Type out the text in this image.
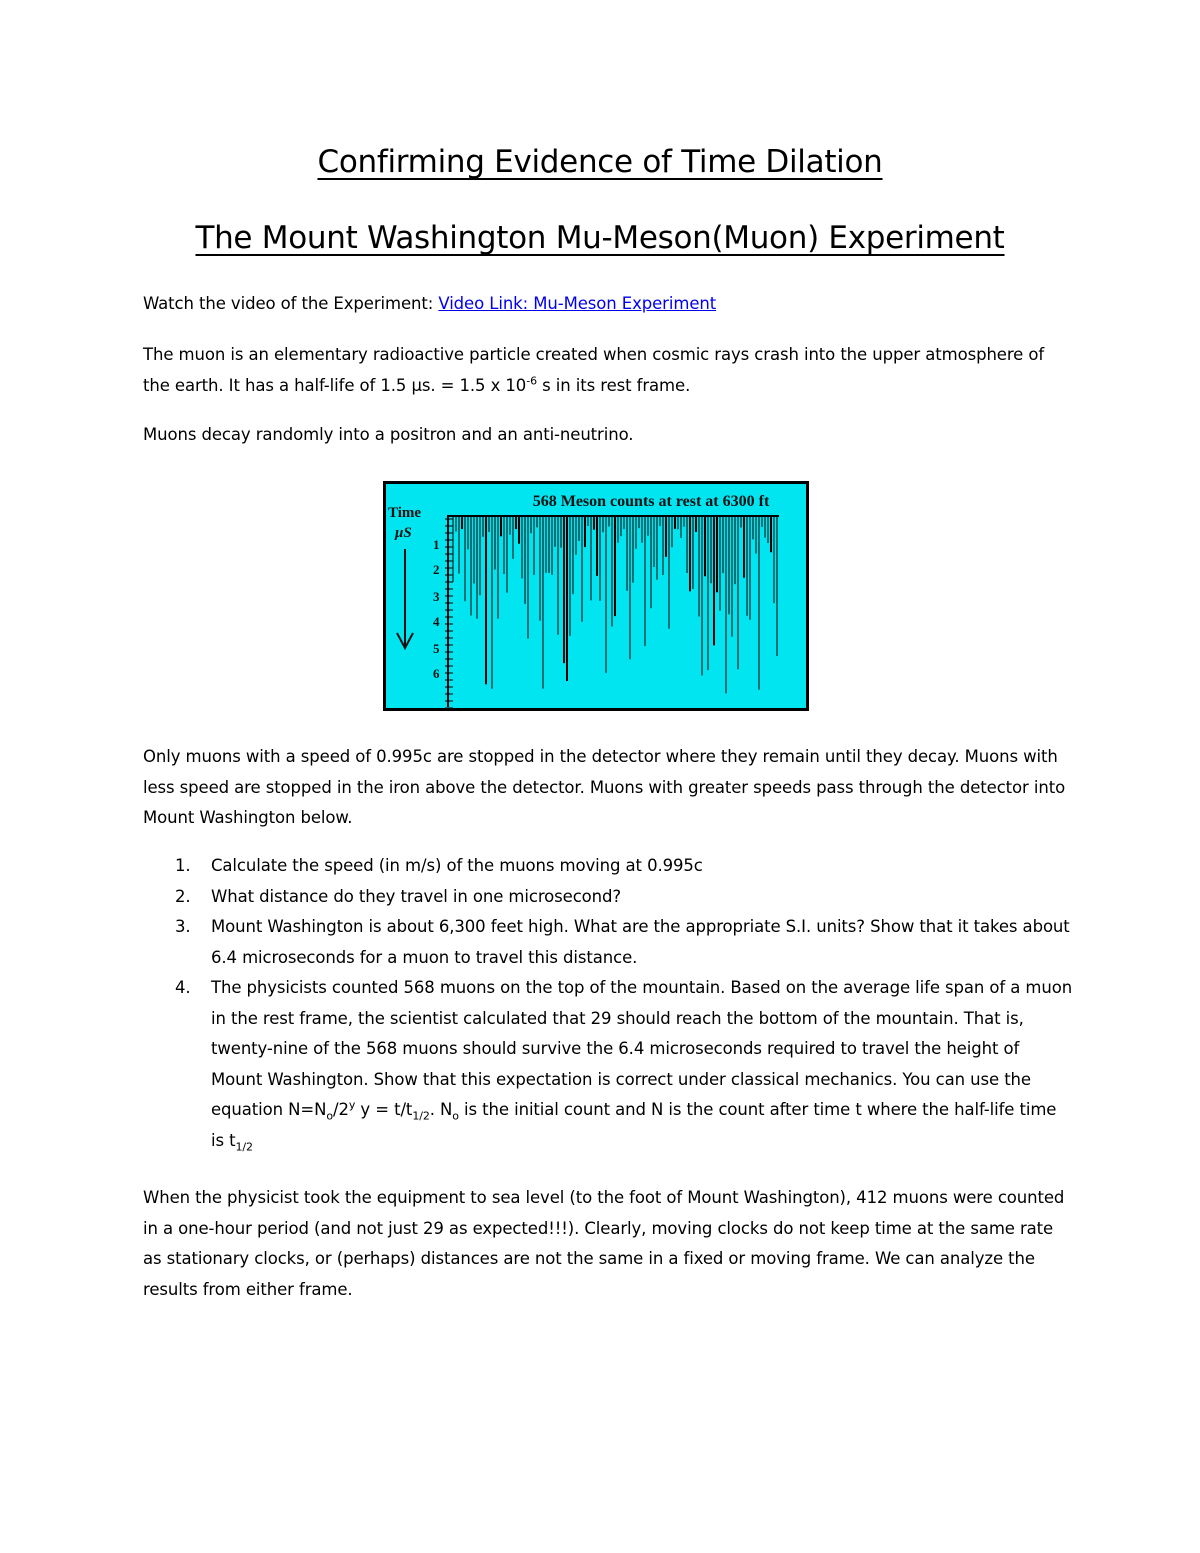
Confirming Evidence of Time Dilation
The Mount Washington Mu-Meson(Muon) Experiment
Watch the video of the Experiment: Video Link: Mu-Meson Experiment
The muon is an elementary radioactive particle created when cosmic rays crash into the upper atmosphere of the earth. It has a half-life of 1.5 μs. = 1.5 x $10^{-6}$ s in its rest frame.
Muons decay randomly into a positron and an anti-neutrino.
568 Meson counts at rest at 6300 ft
Time
μS
1
2
3
4
5
6
Only muons with a speed of 0.995c are stopped in the detector where they remain until they decay. Muons with less speed are stopped in the iron above the detector. Muons with greater speeds pass through the detector into Mount Washington below.
1. Calculate the speed (in m/s) of the muons moving at 0.995c
2. What distance do they travel in one microsecond?
3. Mount Washington is about 6,300 feet high. What are the appropriate S.I. units? Show that it takes about 6.4 microseconds for a muon to travel this distance.
4. The physicists counted 568 muons on the top of the mountain. Based on the average life span of a muon in the rest frame, the scientist calculated that 29 should reach the bottom of the mountain. That is, twenty-nine of the 568 muons should survive the 6.4 microseconds required to travel the height of Mount Washington. Show that this expectation is correct under classical mechanics. You can use the equation $N=N_o/2^y$ $y = t/t_{1/2}$. $N_o$ is the initial count and N is the count after time t where the half-life time is $t_{1/2}$
When the physicist took the equipment to sea level (to the foot of Mount Washington), 412 muons were counted in a one-hour period (and not just 29 as expected!!!). Clearly, moving clocks do not keep time at the same rate as stationary clocks, or (perhaps) distances are not the same in a fixed or moving frame. We can analyze the results from either frame.
